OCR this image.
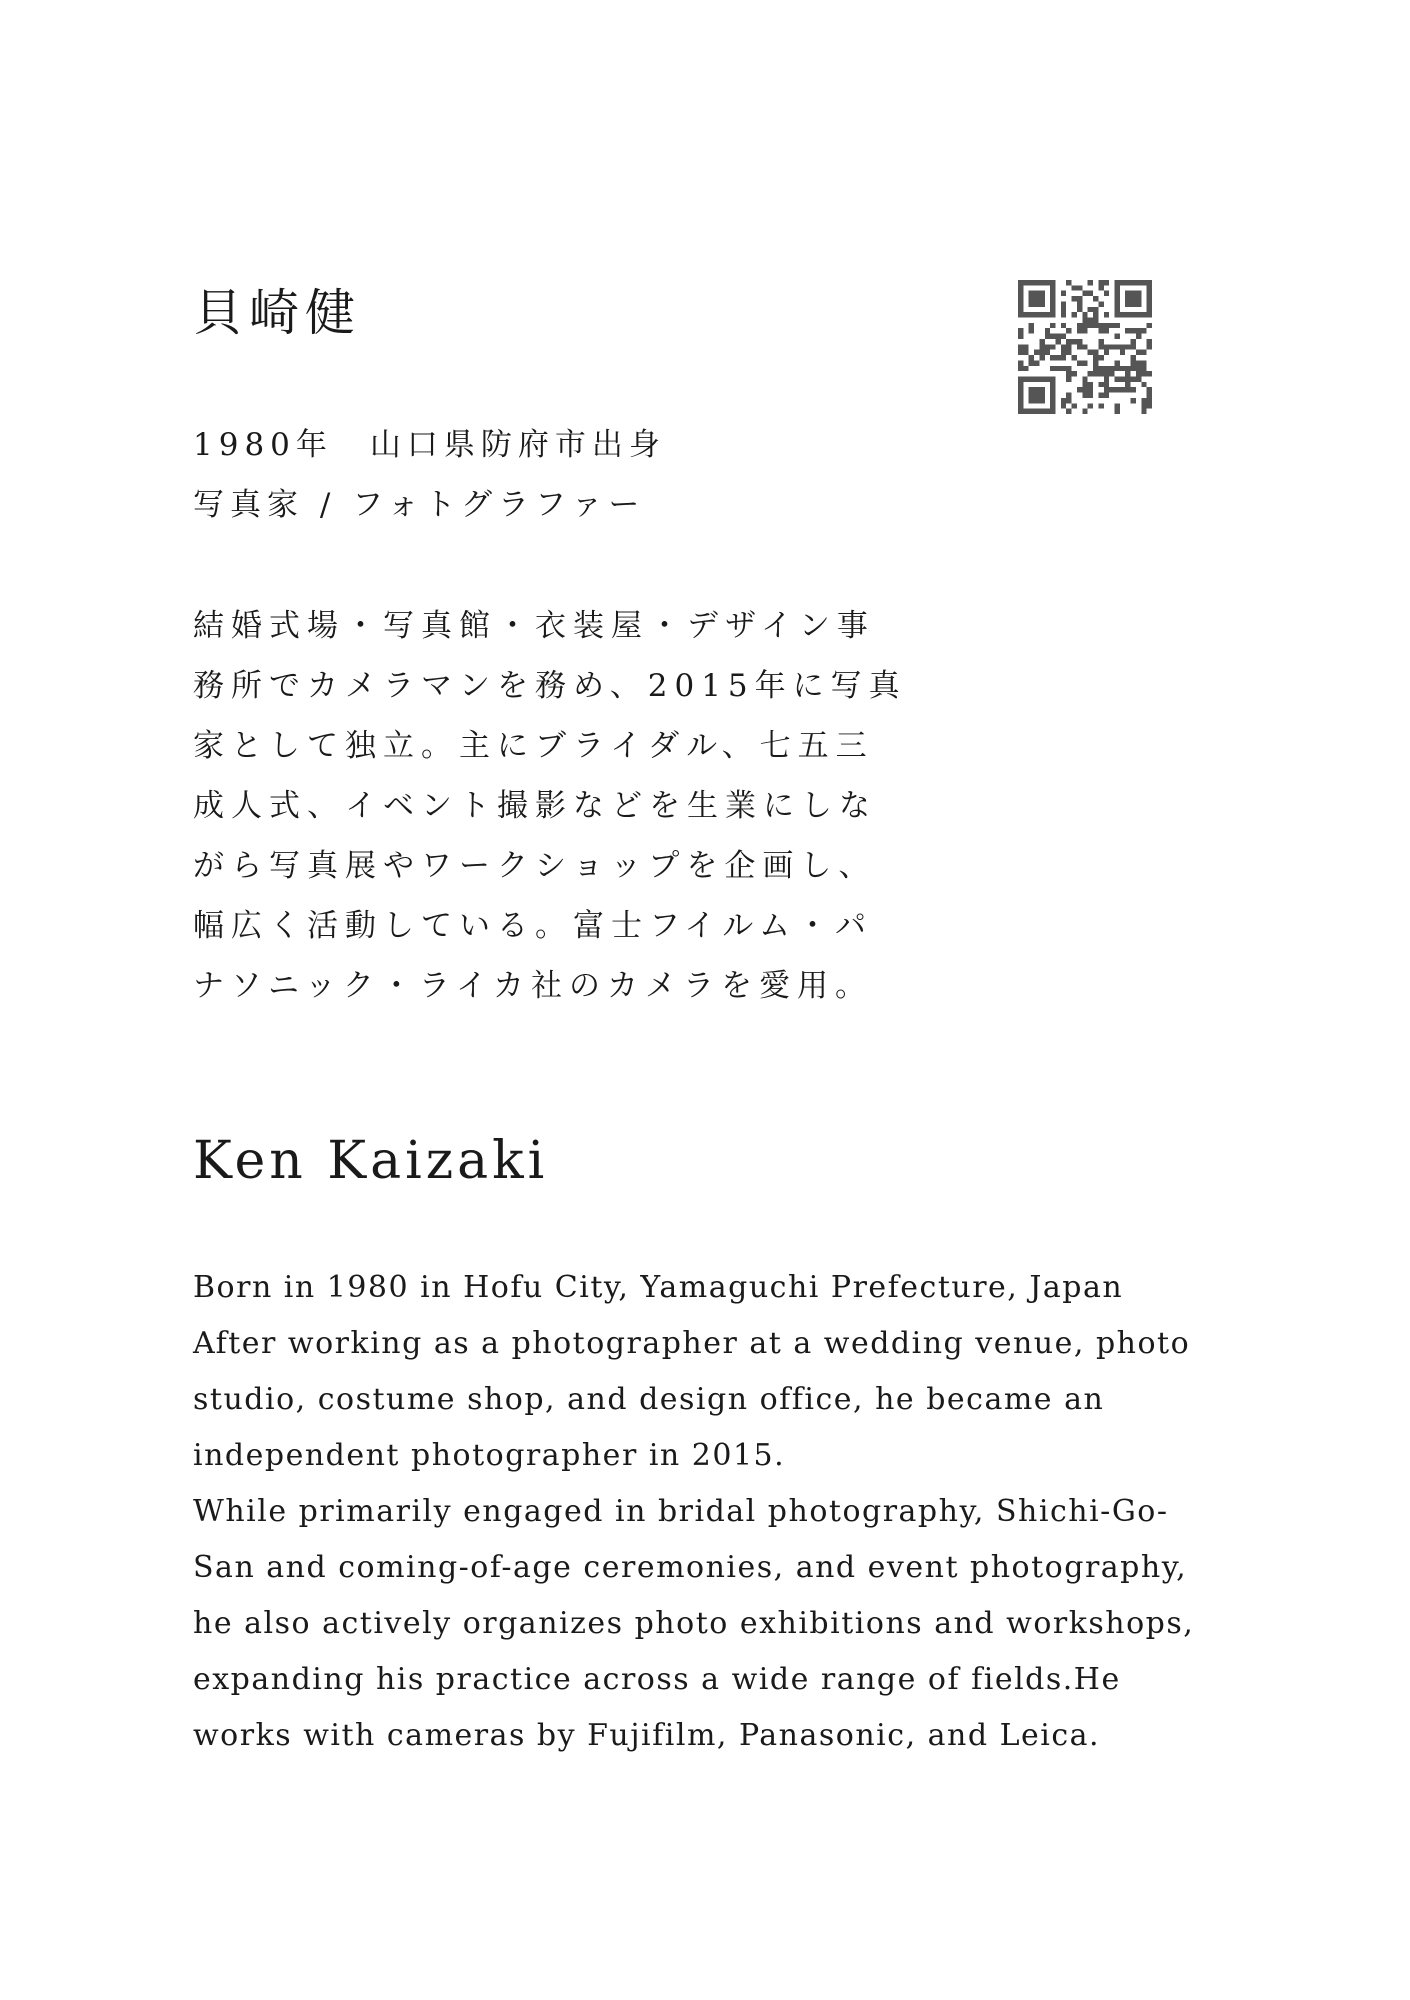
貝崎健
1980年　山口県防府市出身
写真家 / フォトグラファー
結婚式場・写真館・衣装屋・デザイン事
務所でカメラマンを務め、2015年に写真
家として独立。主にブライダル、七五三
成人式、イベント撮影などを生業にしな
がら写真展やワークショップを企画し、
幅広く活動している。富士フイルム・パ
ナソニック・ライカ社のカメラを愛用。
Ken Kaizaki
Born in 1980 in Hofu City, Yamaguchi Prefecture, Japan
After working as a photographer at a wedding venue, photo
studio, costume shop, and design office, he became an
independent photographer in 2015.
While primarily engaged in bridal photography, Shichi-Go-
San and coming-of-age ceremonies, and event photography,
he also actively organizes photo exhibitions and workshops,
expanding his practice across a wide range of fields.He
works with cameras by Fujifilm, Panasonic, and Leica.
